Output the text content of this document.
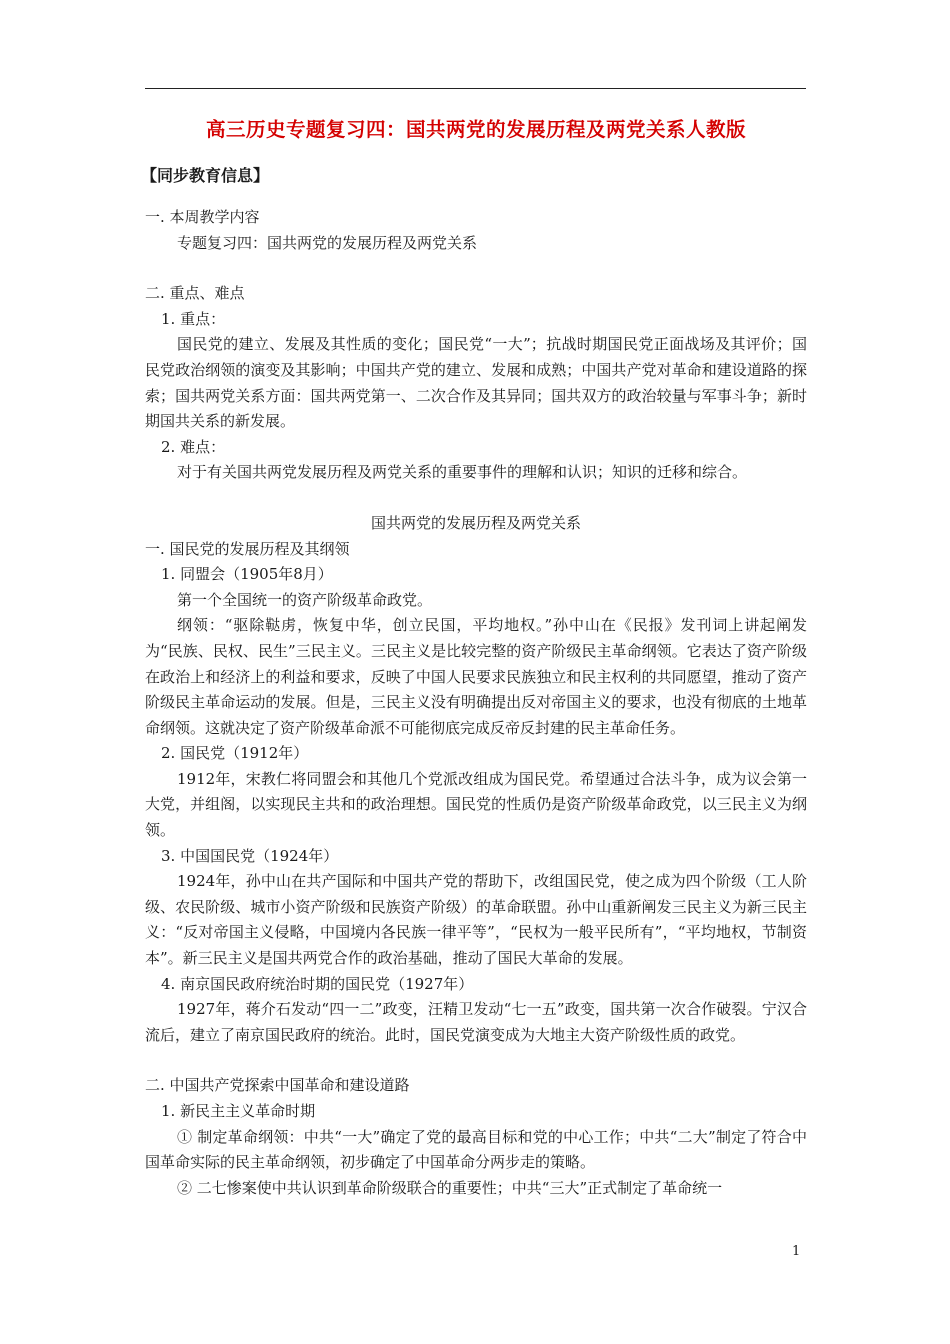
高三历史专题复习四：国共两党的发展历程及两党关系人教版

【同步教育信息】

一. 本周教学内容

专题复习四：国共两党的发展历程及两党关系

二. 重点、难点

1. 重点：

国民党的建立、发展及其性质的变化；国民党“一大”；抗战时期国民党正面战场及其评价；国民党政治纲领的演变及其影响；中国共产党的建立、发展和成熟；中国共产党对革命和建设道路的探索；国共两党关系方面：国共两党第一、二次合作及其异同；国共双方的政治较量与军事斗争；新时期国共关系的新发展。

2. 难点：

对于有关国共两党发展历程及两党关系的重要事件的理解和认识；知识的迁移和综合。

国共两党的发展历程及两党关系

一. 国民党的发展历程及其纲领

1. 同盟会（1905年8月）

第一个全国统一的资产阶级革命政党。

纲领：“驱除鞑虏，恢复中华，创立民国，平均地权。”孙中山在《民报》发刊词上讲起阐发为“民族、民权、民生”三民主义。三民主义是比较完整的资产阶级民主革命纲领。它表达了资产阶级在政治上和经济上的利益和要求，反映了中国人民要求民族独立和民主权利的共同愿望，推动了资产阶级民主革命运动的发展。但是，三民主义没有明确提出反对帝国主义的要求，也没有彻底的土地革命纲领。这就决定了资产阶级革命派不可能彻底完成反帝反封建的民主革命任务。

2. 国民党（1912年）

1912年，宋教仁将同盟会和其他几个党派改组成为国民党。希望通过合法斗争，成为议会第一大党，并组阁，以实现民主共和的政治理想。国民党的性质仍是资产阶级革命政党，以三民主义为纲领。

3. 中国国民党（1924年）

1924年，孙中山在共产国际和中国共产党的帮助下，改组国民党，使之成为四个阶级（工人阶级、农民阶级、城市小资产阶级和民族资产阶级）的革命联盟。孙中山重新阐发三民主义为新三民主义：“反对帝国主义侵略，中国境内各民族一律平等”，“民权为一般平民所有”，“平均地权，节制资本”。新三民主义是国共两党合作的政治基础，推动了国民大革命的发展。

4. 南京国民政府统治时期的国民党（1927年）

1927年，蒋介石发动“四一二”政变，汪精卫发动“七一五”政变，国共第一次合作破裂。宁汉合流后，建立了南京国民政府的统治。此时，国民党演变成为大地主大资产阶级性质的政党。

二. 中国共产党探索中国革命和建设道路

1. 新民主主义革命时期

① 制定革命纲领：中共“一大”确定了党的最高目标和党的中心工作；中共“二大”制定了符合中国革命实际的民主革命纲领，初步确定了中国革命分两步走的策略。

② 二七惨案使中共认识到革命阶级联合的重要性；中共“三大”正式制定了革命统一

1
